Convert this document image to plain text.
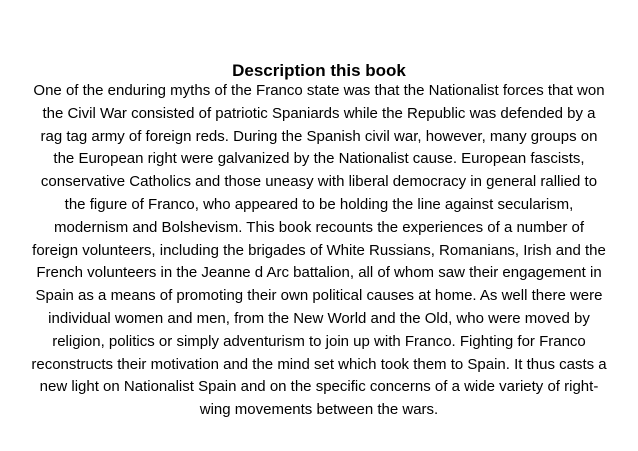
Description this book
One of the enduring myths of the Franco state was that the Nationalist forces that won
the Civil War consisted of patriotic Spaniards while the Republic was defended by a
rag tag army of foreign reds. During the Spanish civil war, however, many groups on
the European right were galvanized by the Nationalist cause. European fascists,
conservative Catholics and those uneasy with liberal democracy in general rallied to
the figure of Franco, who appeared to be holding the line against secularism,
modernism and Bolshevism. This book recounts the experiences of a number of
foreign volunteers, including the brigades of White Russians, Romanians, Irish and the
French volunteers in the Jeanne d Arc battalion, all of whom saw their engagement in
Spain as a means of promoting their own political causes at home. As well there were
individual women and men, from the New World and the Old, who were moved by
religion, politics or simply adventurism to join up with Franco. Fighting for Franco
reconstructs their motivation and the mind set which took them to Spain. It thus casts a
new light on Nationalist Spain and on the specific concerns of a wide variety of right-
wing movements between the wars.
